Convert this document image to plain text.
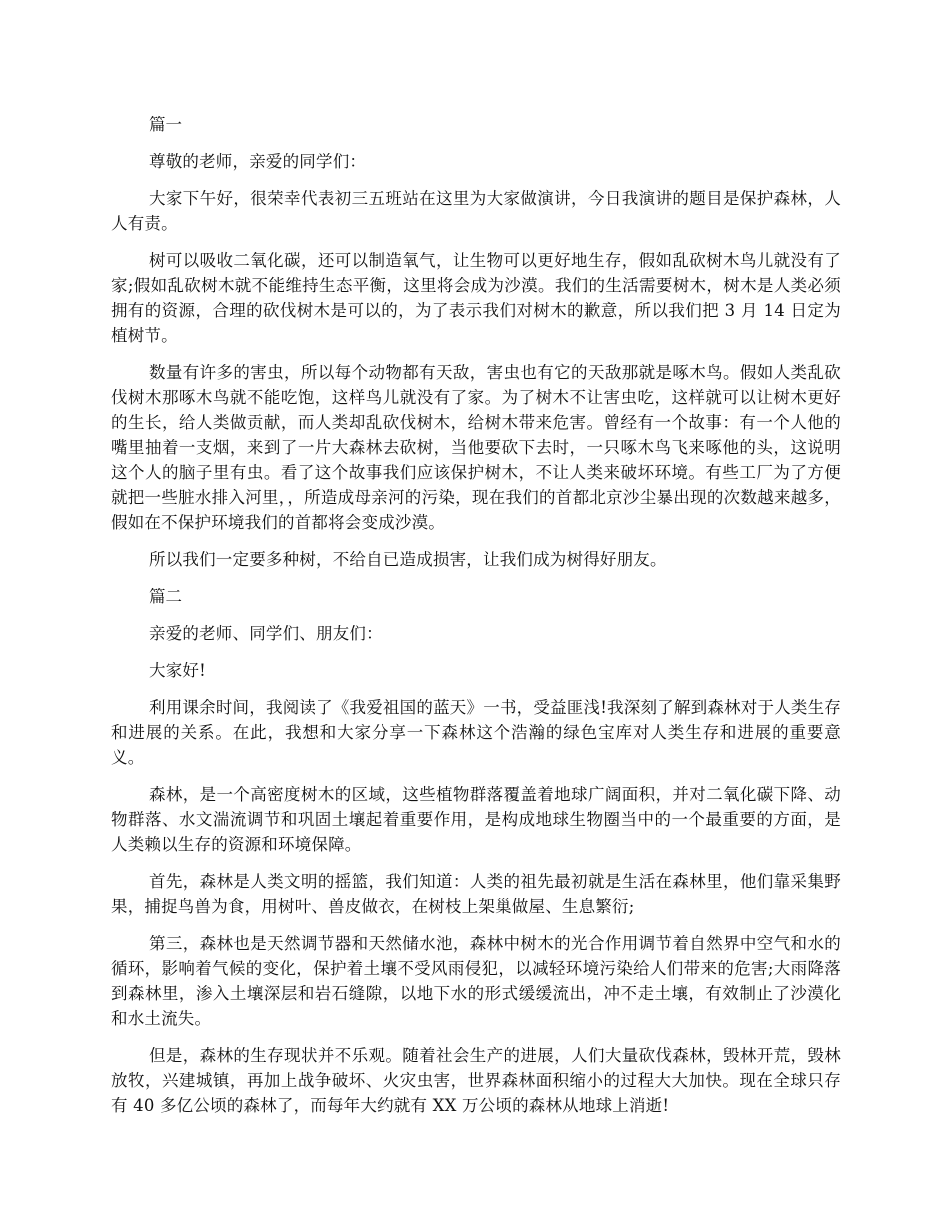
篇一

尊敬的老师，亲爱的同学们：

大家下午好，很荣幸代表初三五班站在这里为大家做演讲，今日我演讲的题目是保护森林，人人有责。

树可以吸收二氧化碳，还可以制造氧气，让生物可以更好地生存，假如乱砍树木鸟儿就没有了家;假如乱砍树木就不能维持生态平衡，这里将会成为沙漠。我们的生活需要树木，树木是人类必须拥有的资源，合理的砍伐树木是可以的，为了表示我们对树木的歉意，所以我们把 3 月 14 日定为植树节。

数量有许多的害虫，所以每个动物都有天敌，害虫也有它的天敌那就是啄木鸟。假如人类乱砍伐树木那啄木鸟就不能吃饱，这样鸟儿就没有了家。为了树木不让害虫吃，这样就可以让树木更好的生长，给人类做贡献，而人类却乱砍伐树木，给树木带来危害。曾经有一个故事：有一个人他的嘴里抽着一支烟，来到了一片大森林去砍树，当他要砍下去时，一只啄木鸟飞来啄他的头，这说明这个人的脑子里有虫。看了这个故事我们应该保护树木，不让人类来破坏环境。有些工厂为了方便就把一些脏水排入河里，，所造成母亲河的污染，现在我们的首都北京沙尘暴出现的次数越来越多，假如在不保护环境我们的首都将会变成沙漠。

所以我们一定要多种树，不给自已造成损害，让我们成为树得好朋友。

篇二

亲爱的老师、同学们、朋友们：

大家好!

利用课余时间，我阅读了《我爱祖国的蓝天》一书，受益匪浅!我深刻了解到森林对于人类生存和进展的关系。在此，我想和大家分享一下森林这个浩瀚的绿色宝库对人类生存和进展的重要意义。

森林，是一个高密度树木的区域，这些植物群落覆盖着地球广阔面积，并对二氧化碳下降、动物群落、水文湍流调节和巩固土壤起着重要作用，是构成地球生物圈当中的一个最重要的方面，是人类赖以生存的资源和环境保障。

首先，森林是人类文明的摇篮，我们知道：人类的祖先最初就是生活在森林里，他们靠采集野果，捕捉鸟兽为食，用树叶、兽皮做衣，在树枝上架巢做屋、生息繁衍;

第三，森林也是天然调节器和天然储水池，森林中树木的光合作用调节着自然界中空气和水的循环，影响着气候的变化，保护着土壤不受风雨侵犯，以减轻环境污染给人们带来的危害;大雨降落到森林里，渗入土壤深层和岩石缝隙，以地下水的形式缓缓流出，冲不走土壤，有效制止了沙漠化和水土流失。

但是，森林的生存现状并不乐观。随着社会生产的进展，人们大量砍伐森林，毁林开荒，毁林放牧，兴建城镇，再加上战争破坏、火灾虫害，世界森林面积缩小的过程大大加快。现在全球只存有 40 多亿公顷的森林了，而每年大约就有 XX 万公顷的森林从地球上消逝!
